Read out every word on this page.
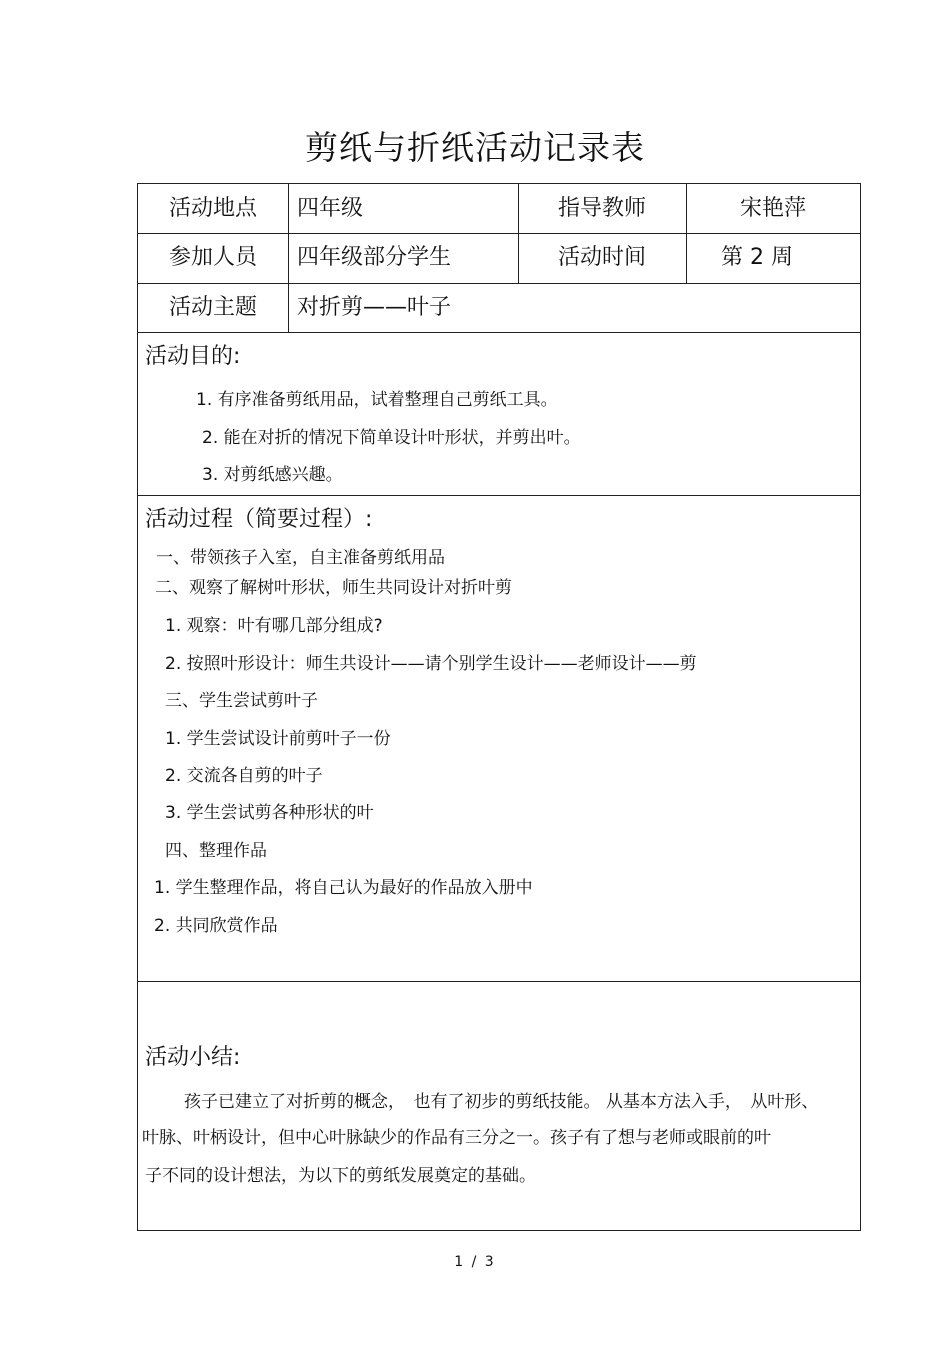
剪纸与折纸活动记录表
活动地点	四年级	指导教师	宋艳萍
参加人员	四年级部分学生	活动时间	第 2 周
活动主题	对折剪——叶子
活动目的:
1. 有序准备剪纸用品，试着整理自己剪纸工具。
2. 能在对折的情况下简单设计叶形状，并剪出叶。
3. 对剪纸感兴趣。
活动过程（简要过程）:
一、带领孩子入室，自主准备剪纸用品
二、观察了解树叶形状，师生共同设计对折叶剪
1. 观察：叶有哪几部分组成?
2. 按照叶形设计：师生共设计——请个别学生设计——老师设计——剪
三、学生尝试剪叶子
1. 学生尝试设计前剪叶子一份
2. 交流各自剪的叶子
3. 学生尝试剪各种形状的叶
四、整理作品
1. 学生整理作品，将自己认为最好的作品放入册中
2. 共同欣赏作品
活动小结:
孩子已建立了对折剪的概念，　也有了初步的剪纸技能。 从基本方法入手，　从叶形、
叶脉、叶柄设计，但中心叶脉缺少的作品有三分之一。孩子有了想与老师或眼前的叶
子不同的设计想法，为以下的剪纸发展奠定的基础。
1 / 3
